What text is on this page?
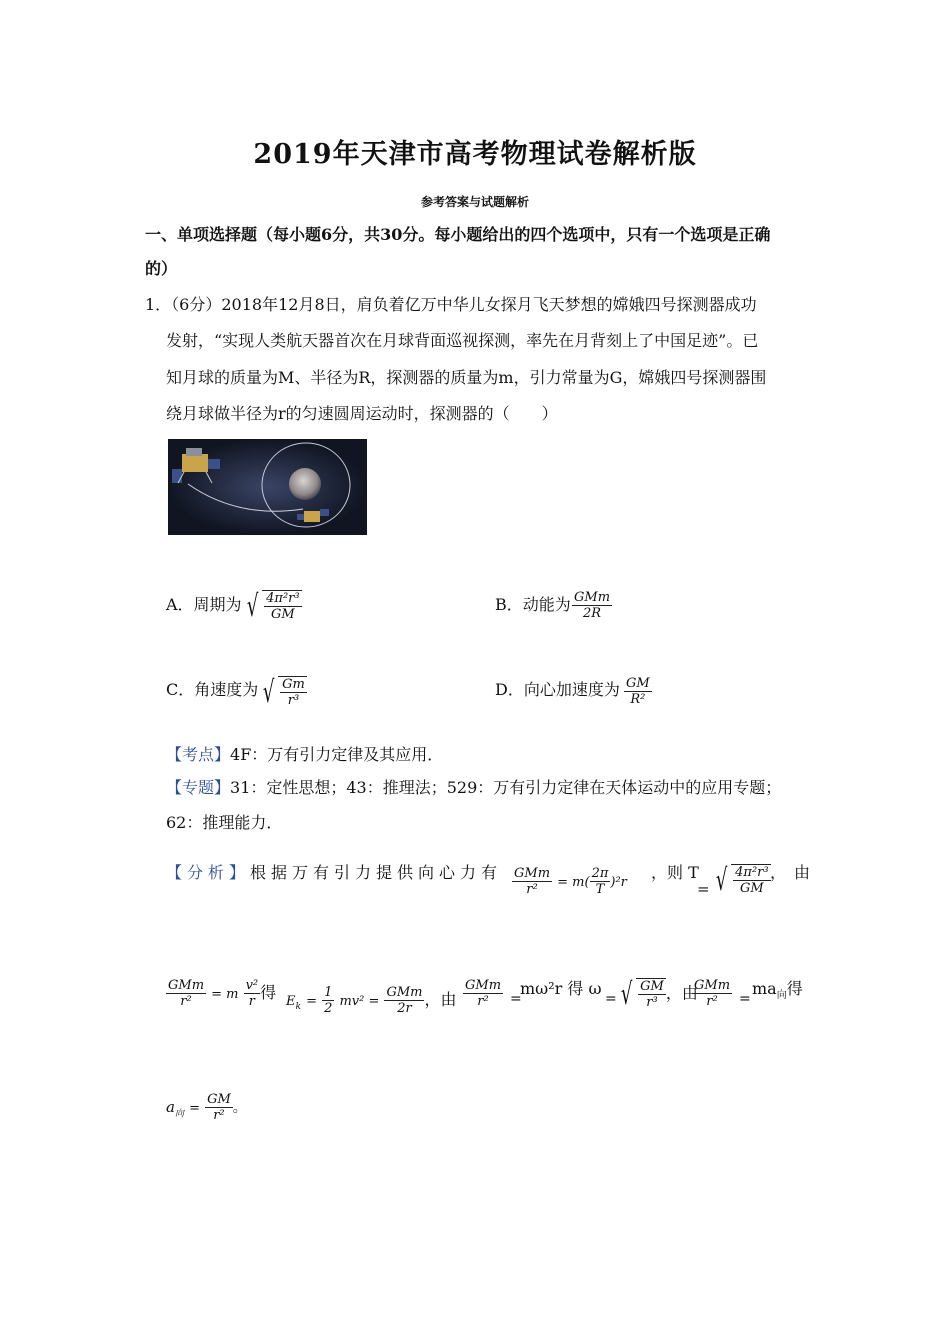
2019年天津市高考物理试卷解析版
参考答案与试题解析
一、单项选择题（每小题6分，共30分。每小题给出的四个选项中，只有一个选项是正确
的）
1．（6分）2018年12月8日，肩负着亿万中华儿女探月飞天梦想的嫦娥四号探测器成功
发射，“实现人类航天器首次在月球背面巡视探测，率先在月背刻上了中国足迹”。已
知月球的质量为M、半径为R，探测器的质量为m，引力常量为G，嫦娥四号探测器围
绕月球做半径为r的匀速圆周运动时，探测器的（　　）
A．周期为 √ $\frac{\text{4π²r³}}{GM}$	B．动能为 $\frac{\text{GMm}}{2R}$
C．角速度为 √ $\frac{Gm}{\text{r³}}$	D．向心加速度为 $\frac{GM}{\text{R²}}$
【考点】4F：万有引力定律及其应用．
【专题】31：定性思想；43：推理法；529：万有引力定律在天体运动中的应用专题；
62：推理能力．
【分析】根据万有引力提供向心力有 $\frac{\text{GMm}}{\text{r²}} = m( \frac{2\pi}{T} )^2r$
，则 T
= √ $\frac{\text{4π²r³}}{GM}$ ，由
$\frac{\text{GMm}}{\text{r²}} = m \frac{\text{v²}}{r}$ 得 $E_k = \frac{1}{2} mv^2 = \frac{\text{GMm}}{2r}$ ，由 $\frac{\text{GMm}}{\text{r²}}$ =
mω²r 得 ω
= √ $\frac{GM}{\text{r³}}$ ，由
$\frac{\text{GMm}}{\text{r²}}$ =
$ma_向$得
$a_向 = \frac{GM}{\text{r²}}$ 。
